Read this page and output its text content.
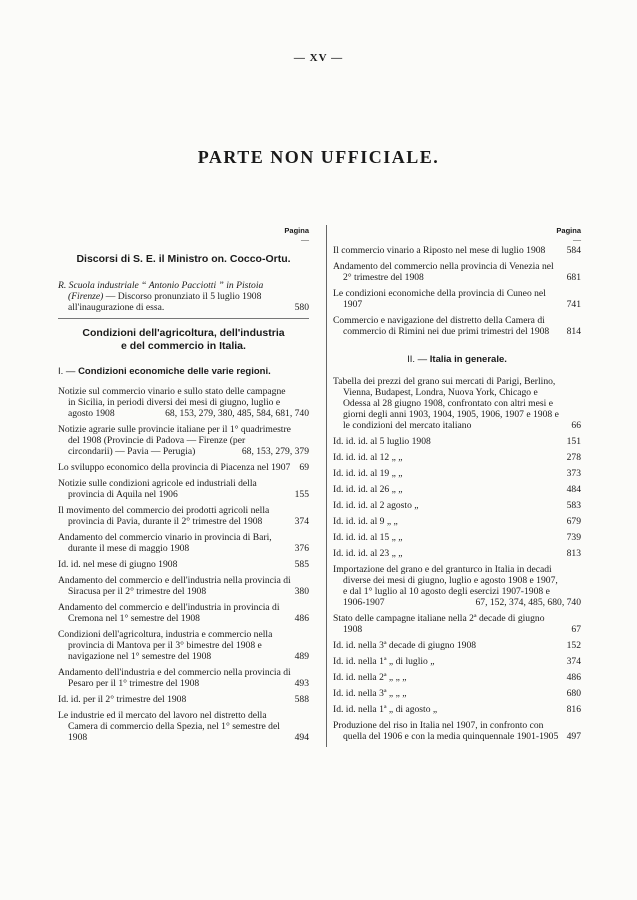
— XV —
PARTE NON UFFICIALE.
Pagina
—
Discorsi di S. E. il Ministro on. Cocco-Ortu.
R. Scuola industriale “ Antonio Pacciotti ” in Pistoia (Firenze) — Discorso pronunziato il 5 luglio 1908 all'inaugurazione di essa.	580
Condizioni dell'agricoltura, dell'industria
e del commercio in Italia.
I. — Condizioni economiche delle varie regioni.
Notizie sul commercio vinario e sullo stato delle campagne in Sicilia, in periodi diversi dei mesi di giugno, luglio e agosto 1908	68, 153, 279, 380, 485, 584, 681, 740
Notizie agrarie sulle provincie italiane per il 1° quadrimestre del 1908 (Provincie di Padova — Firenze (per circondarii) — Pavia — Perugia)	68, 153, 279, 379
Lo sviluppo economico della provincia di Piacenza nel 1907 69
Notizie sulle condizioni agricole ed industriali della provincia di Aquila nel 1906	155
Il movimento del commercio dei prodotti agricoli nella provincia di Pavia, durante il 2° trimestre del 1908	374
Andamento del commercio vinario in provincia di Bari, durante il mese di maggio 1908	376
Id. id. nel mese di giugno 1908	585
Andamento del commercio e dell'industria nella provincia di Siracusa per il 2° trimestre del 1908	380
Andamento del commercio e dell'industria in provincia di Cremona nel 1° semestre del 1908	486
Condizioni dell'agricoltura, industria e commercio nella provincia di Mantova per il 3° bimestre del 1908 e navigazione nel 1° semestre del 1908	489
Andamento dell'industria e del commercio nella provincia di Pesaro per il 1° trimestre del 1908	493
Id. id. per il 2° trimestre del 1908	588
Le industrie ed il mercato del lavoro nel distretto della Camera di commercio della Spezia, nel 1° semestre del 1908	494
Pagina
—
Il commercio vinario a Riposto nel mese di luglio 1908 584
Andamento del commercio nella provincia di Venezia nel 2° trimestre del 1908	681
Le condizioni economiche della provincia di Cuneo nel 1907	741
Commercio e navigazione del distretto della Camera di commercio di Rimini nei due primi trimestri del 1908 814
II. — Italia in generale.
Tabella dei prezzi del grano sui mercati di Parigi, Berlino, Vienna, Budapest, Londra, Nuova York, Chicago e Odessa al 28 giugno 1908, confrontato con altri mesi e giorni degli anni 1903, 1904, 1905, 1906, 1907 e 1908 e le condizioni del mercato italiano	66
Id. id. id. al 5 luglio 1908	151
Id. id. id. al 12 „ „	278
Id. id. id. al 19 „ „	373
Id. id. id. al 26 „ „	484
Id. id. id. al 2 agosto „	583
Id. id. id. al 9 „ „	679
Id. id. id. al 15 „ „	739
Id. id. id. al 23 „ „	813
Importazione del grano e del granturco in Italia in decadi diverse dei mesi di giugno, luglio e agosto 1908 e 1907, e dal 1° luglio al 10 agosto degli esercizi 1907-1908 e 1906-1907	67, 152, 374, 485, 680, 740
Stato delle campagne italiane nella 2ª decade di giugno 1908	67
Id. id. nella 3ª decade di giugno 1908	152
Id. id. nella 1ª „ di luglio „	374
Id. id. nella 2ª „ „ „	486
Id. id. nella 3ª „ „ „	680
Id. id. nella 1ª „ di agosto „	816
Produzione del riso in Italia nel 1907, in confronto con quella del 1906 e con la media quinquennale 1901-1905 497
